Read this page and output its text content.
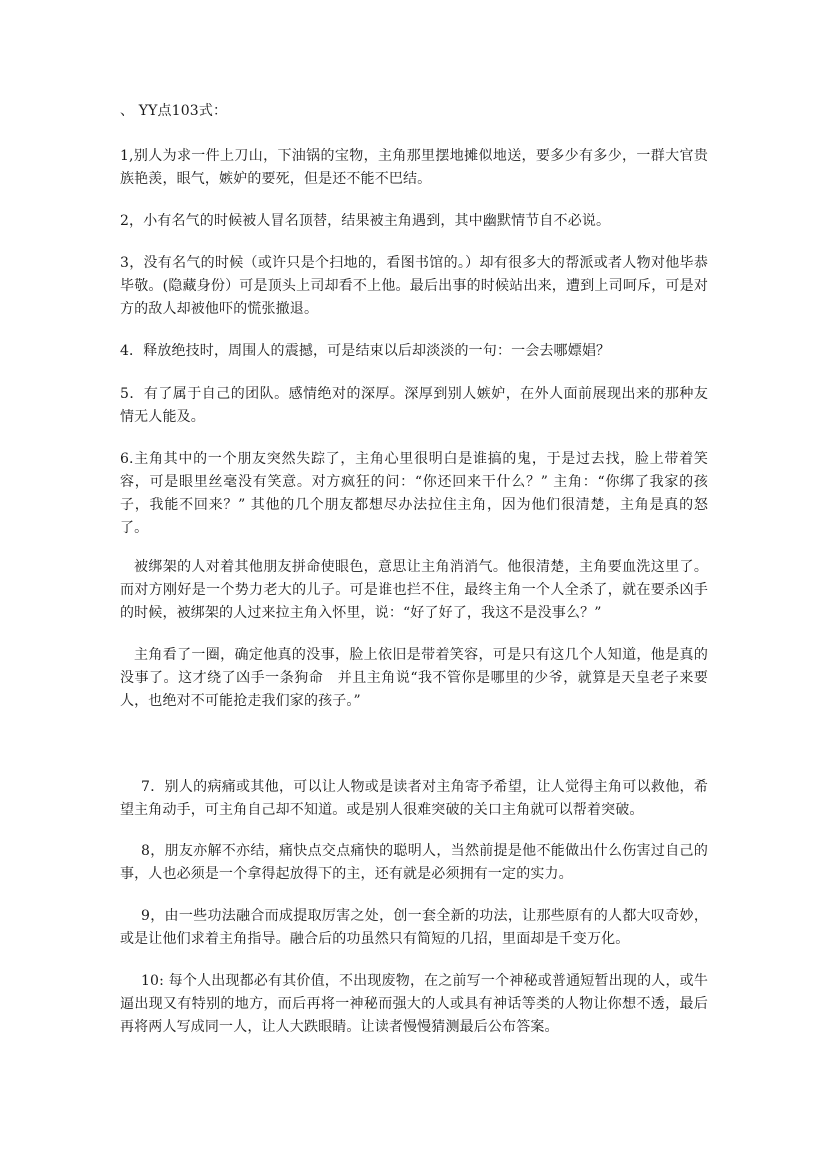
、 YY点103式：

1,别人为求一件上刀山，下油锅的宝物，主角那里摆地摊似地送，要多少有多少，一群大官贵族艳羡，眼气，嫉妒的要死，但是还不能不巴结。

2，小有名气的时候被人冒名顶替，结果被主角遇到，其中幽默情节自不必说。

3，没有名气的时候（或许只是个扫地的，看图书馆的。）却有很多大的帮派或者人物对他毕恭毕敬。(隐藏身份）可是顶头上司却看不上他。最后出事的时候站出来，遭到上司呵斥，可是对方的敌人却被他吓的慌张撤退。

4．释放绝技时，周围人的震撼，可是结束以后却淡淡的一句：一会去哪嫖娼？

5．有了属于自己的团队。感情绝对的深厚。深厚到别人嫉妒，在外人面前展现出来的那种友情无人能及。

6.主角其中的一个朋友突然失踪了，主角心里很明白是谁搞的鬼，于是过去找，脸上带着笑容，可是眼里丝毫没有笑意。对方疯狂的问：“你还回来干什么？” 主角：“你绑了我家的孩子，我能不回来？” 其他的几个朋友都想尽办法拉住主角，因为他们很清楚，主角是真的怒了。

被绑架的人对着其他朋友拼命使眼色，意思让主角消消气。他很清楚，主角要血洗这里了。而对方刚好是一个势力老大的儿子。可是谁也拦不住，最终主角一个人全杀了，就在要杀凶手的时候，被绑架的人过来拉主角入怀里，说：“好了好了，我这不是没事么？”

主角看了一圈，确定他真的没事，脸上依旧是带着笑容，可是只有这几个人知道，他是真的没事了。这才绕了凶手一条狗命　并且主角说“我不管你是哪里的少爷，就算是天皇老子来要人，也绝对不可能抢走我们家的孩子。”

7．别人的病痛或其他，可以让人物或是读者对主角寄予希望，让人觉得主角可以救他，希望主角动手，可主角自己却不知道。或是别人很难突破的关口主角就可以帮着突破。

8，朋友亦解不亦结，痛快点交点痛快的聪明人，当然前提是他不能做出什么伤害过自己的事，人也必须是一个拿得起放得下的主，还有就是必须拥有一定的实力。

9，由一些功法融合而成提取厉害之处，创一套全新的功法，让那些原有的人都大叹奇妙，或是让他们求着主角指导。融合后的功虽然只有简短的几招，里面却是千变万化。

10: 每个人出现都必有其价值，不出现废物，在之前写一个神秘或普通短暂出现的人，或牛逼出现又有特别的地方，而后再将一神秘而强大的人或具有神话等类的人物让你想不透，最后再将两人写成同一人，让人大跌眼睛。让读者慢慢猜测最后公布答案。
